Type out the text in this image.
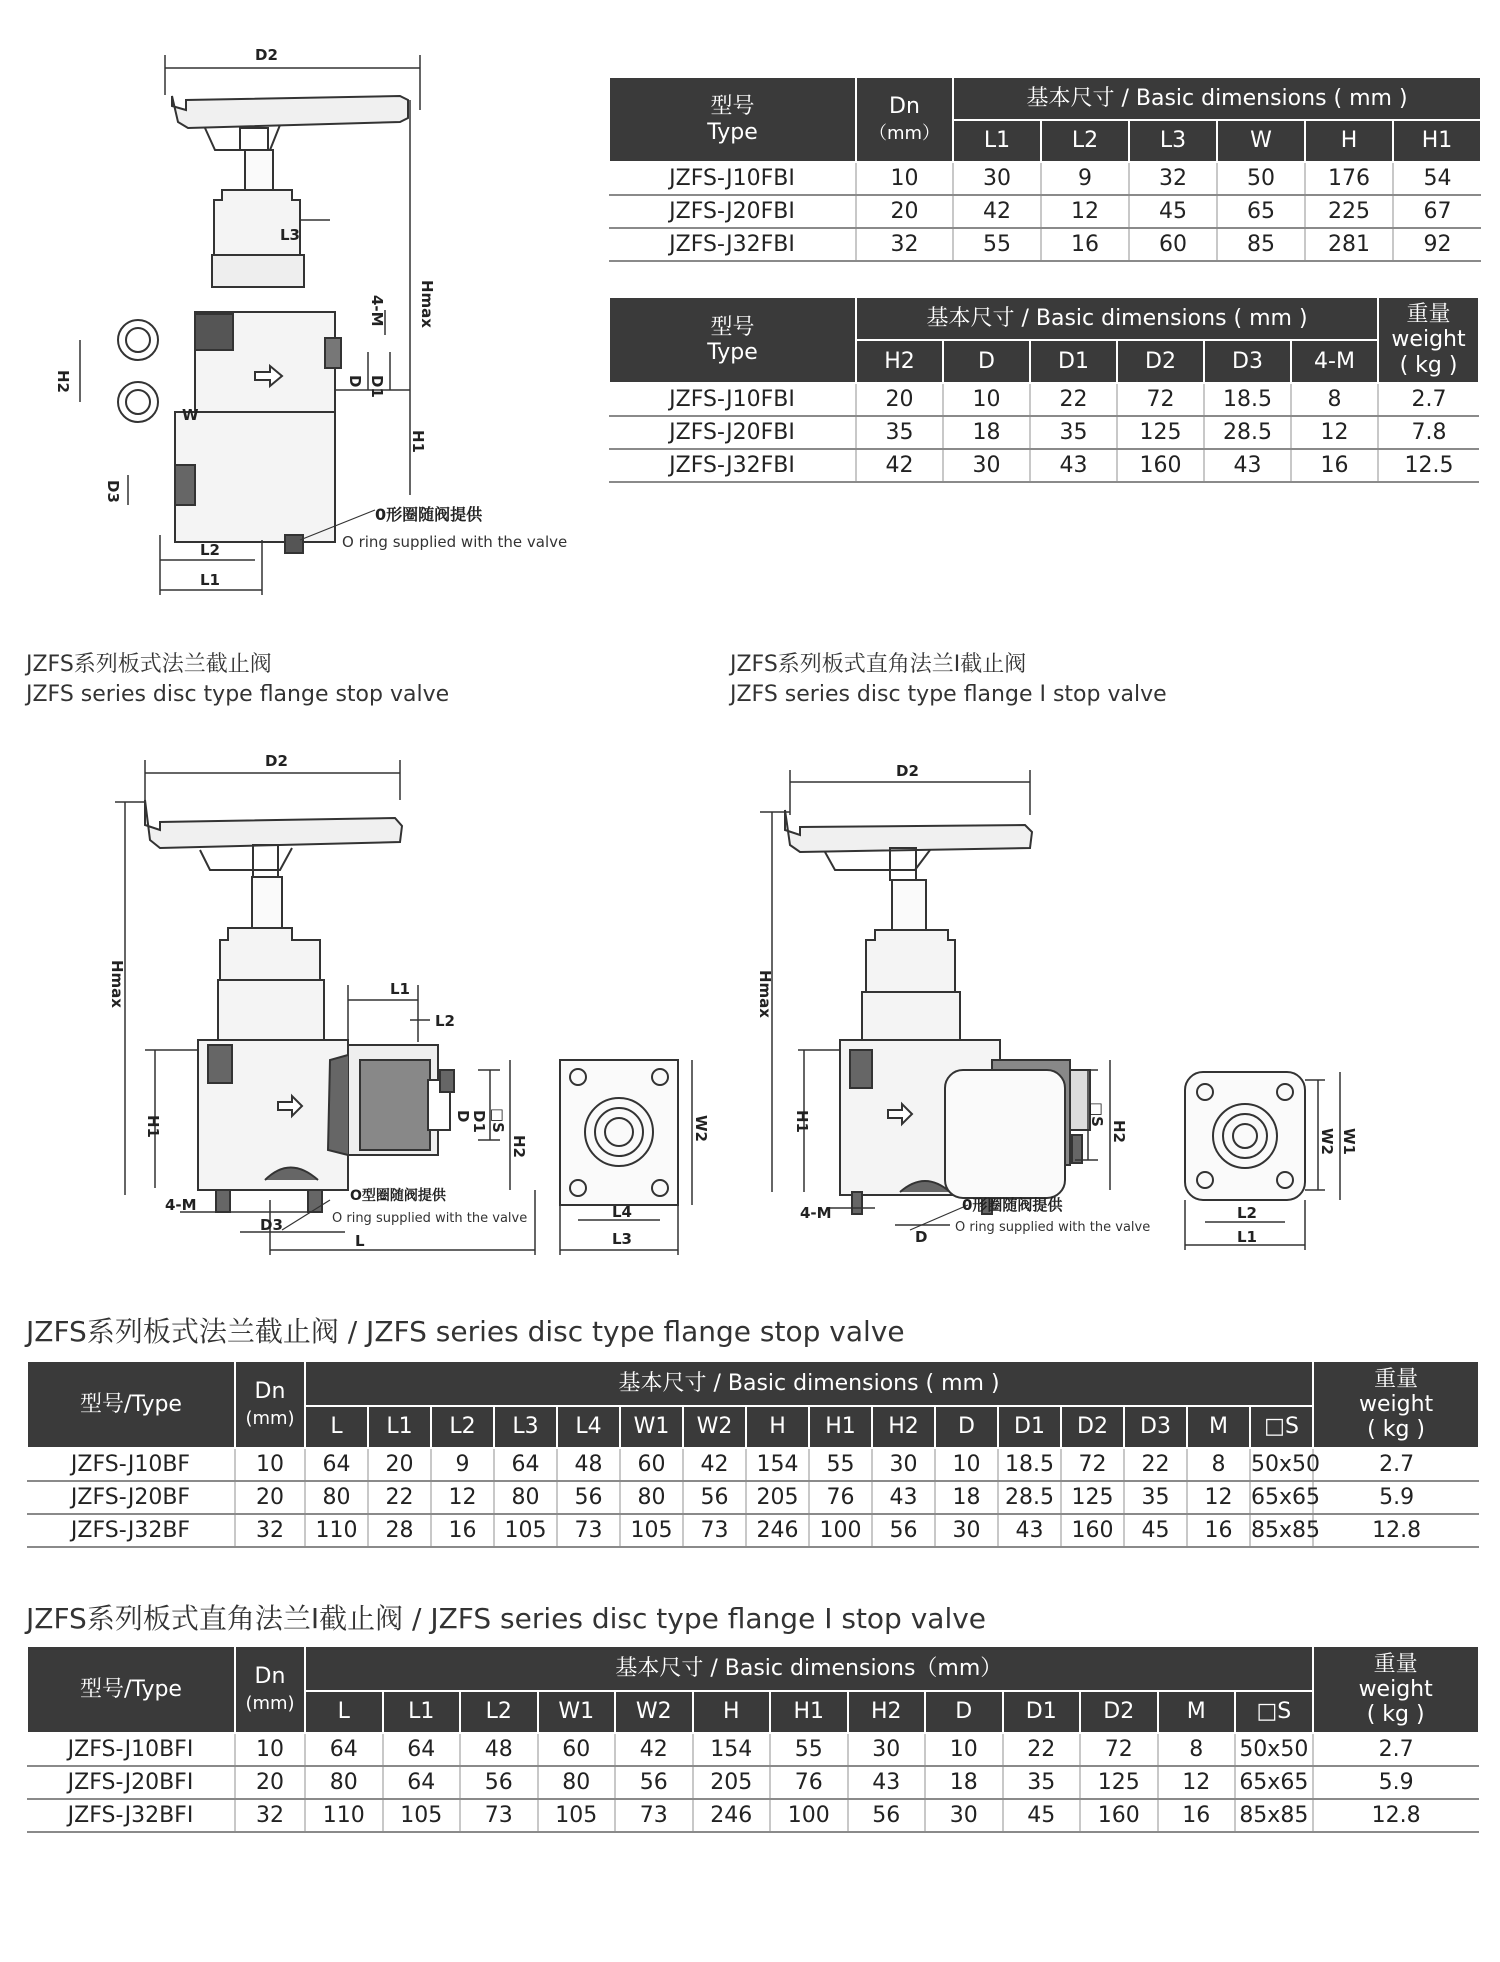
D2
L3
Hmax
4-M
H2
W
D D1
H1
D3
L2
L1
0形圈随阀提供
O ring supplied with the valve
型号
Type	Dn
（mm）	基本尺寸 / Basic dimensions ( mm )					
		L1	L2	L3	W	H	H1
JZFS-J10FBⅠ	10	30	9	32	50	176	54
JZFS-J20FBⅠ	20	42	12	45	65	225	67
JZFS-J32FBⅠ	32	55	16	60	85	281	92
型号
Type	基本尺寸 / Basic dimensions ( mm )						重量
weight
( kg )
	H2	D	D1	D2	D3	4-M	
JZFS-J10FBⅠ	20	10	22	72	18.5	8	2.7
JZFS-J20FBⅠ	35	18	35	125	28.5	12	7.8
JZFS-J32FBⅠ	42	30	43	160	43	16	12.5
JZFS系列板式法兰截止阀
JZFS series disc type flange stop valve
JZFS系列板式直角法兰Ⅰ截止阀
JZFS series disc type flange Ⅰ stop valve
D2
Hmax	L1
L2
D
D1 □S
H1
H2
4-M
D3
L
W2
L4
L3
O型圈随阀提供
O ring supplied with the valve
D2
Hmax
H1	□S
H2
4-M
D
W2 W1
L2
L1
0形圈随阀提供
O ring supplied with the valve
JZFS系列板式法兰截止阀 / JZFS series disc type flange stop valve
型号/Type	Dn
(mm)	基本尺寸 / Basic dimensions ( mm )																重量
weight
( kg )
		L	L1	L2	L3	L4	W1	W2	H	H1	H2	D	D1	D2	D3	M	□S	
JZFS-J10BF	10	64	20	9	64	48	60	42	154	55	30	10	18.5	72	22	8	50x50	2.7
JZFS-J20BF	20	80	22	12	80	56	80	56	205	76	43	18	28.5	125	35	12	65x65	5.9
JZFS-J32BF	32	110	28	16	105	73	105	73	246	100	56	30	43	160	45	16	85x85	12.8
JZFS系列板式直角法兰Ⅰ截止阀 / JZFS series disc type flange Ⅰ stop valve
型号/Type	Dn
(mm)	基本尺寸 / Basic dimensions（mm）													重量
weight
( kg )
		L	L1	L2	W1	W2	H	H1	H2	D	D1	D2	M	□S	
JZFS-J10BFI	10	64	64	48	60	42	154	55	30	10	22	72	8	50x50	2.7
JZFS-J20BFI	20	80	64	56	80	56	205	76	43	18	35	125	12	65x65	5.9
JZFS-J32BFI	32	110	105	73	105	73	246	100	56	30	45	160	16	85x85	12.8
